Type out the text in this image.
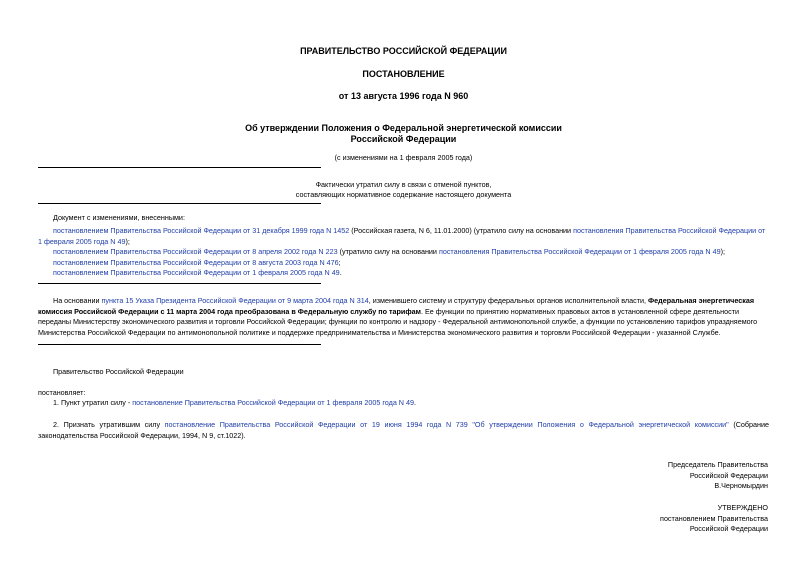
ПРАВИТЕЛЬСТВО РОССИЙСКОЙ ФЕДЕРАЦИИ
ПОСТАНОВЛЕНИЕ
от 13 августа 1996 года N 960
Об утверждении Положения о Федеральной энергетической комиссии
Российской Федерации
(с изменениями на 1 февраля 2005 года)
Фактически утратил силу в связи с отменой пунктов,
составляющих нормативное содержание настоящего документа
Документ с изменениями, внесенными:
постановлением Правительства Российской Федерации от 31 декабря 1999 года N 1452 (Российская газета, N 6, 11.01.2000) (утратило силу на основании постановления Правительства Российской Федерации от 1 февраля 2005 года N 49);
постановлением Правительства Российской Федерации от 8 апреля 2002 года N 223 (утратило силу на основании постановления Правительства Российской Федерации от 1 февраля 2005 года N 49);
постановлением Правительства Российской Федерации от 8 августа 2003 года N 476;
постановлением Правительства Российской Федерации от 1 февраля 2005 года N 49.
На основании пункта 15 Указа Президента Российской Федерации от 9 марта 2004 года N 314, изменившего систему и структуру федеральных органов исполнительной власти, Федеральная энергетическая комиссия Российской Федерации с 11 марта 2004 года преобразована в Федеральную службу по тарифам. Ее функции по принятию нормативных правовых актов в установленной сфере деятельности переданы Министерству экономического развития и торговли Российской Федерации; функции по контролю и надзору - Федеральной антимонопольной службе, а функции по установлению тарифов упраздняемого Министерства Российской Федерации по антимонопольной политике и поддержке предпринимательства и Министерства экономического развития и торговли Российской Федерации - указанной Службе.
Правительство Российской Федерации
постановляет:
1. Пункт утратил силу - постановление Правительства Российской Федерации от 1 февраля 2005 года N 49.
2. Признать утратившим силу постановление Правительства Российской Федерации от 19 июня 1994 года N 739 "Об утверждении Положения о Федеральной энергетической комиссии" (Собрание законодательства Российской Федерации, 1994, N 9, ст.1022).
Председатель Правительства
Российской Федерации
В.Черномырдин
УТВЕРЖДЕНО
постановлением Правительства
Российской Федерации
